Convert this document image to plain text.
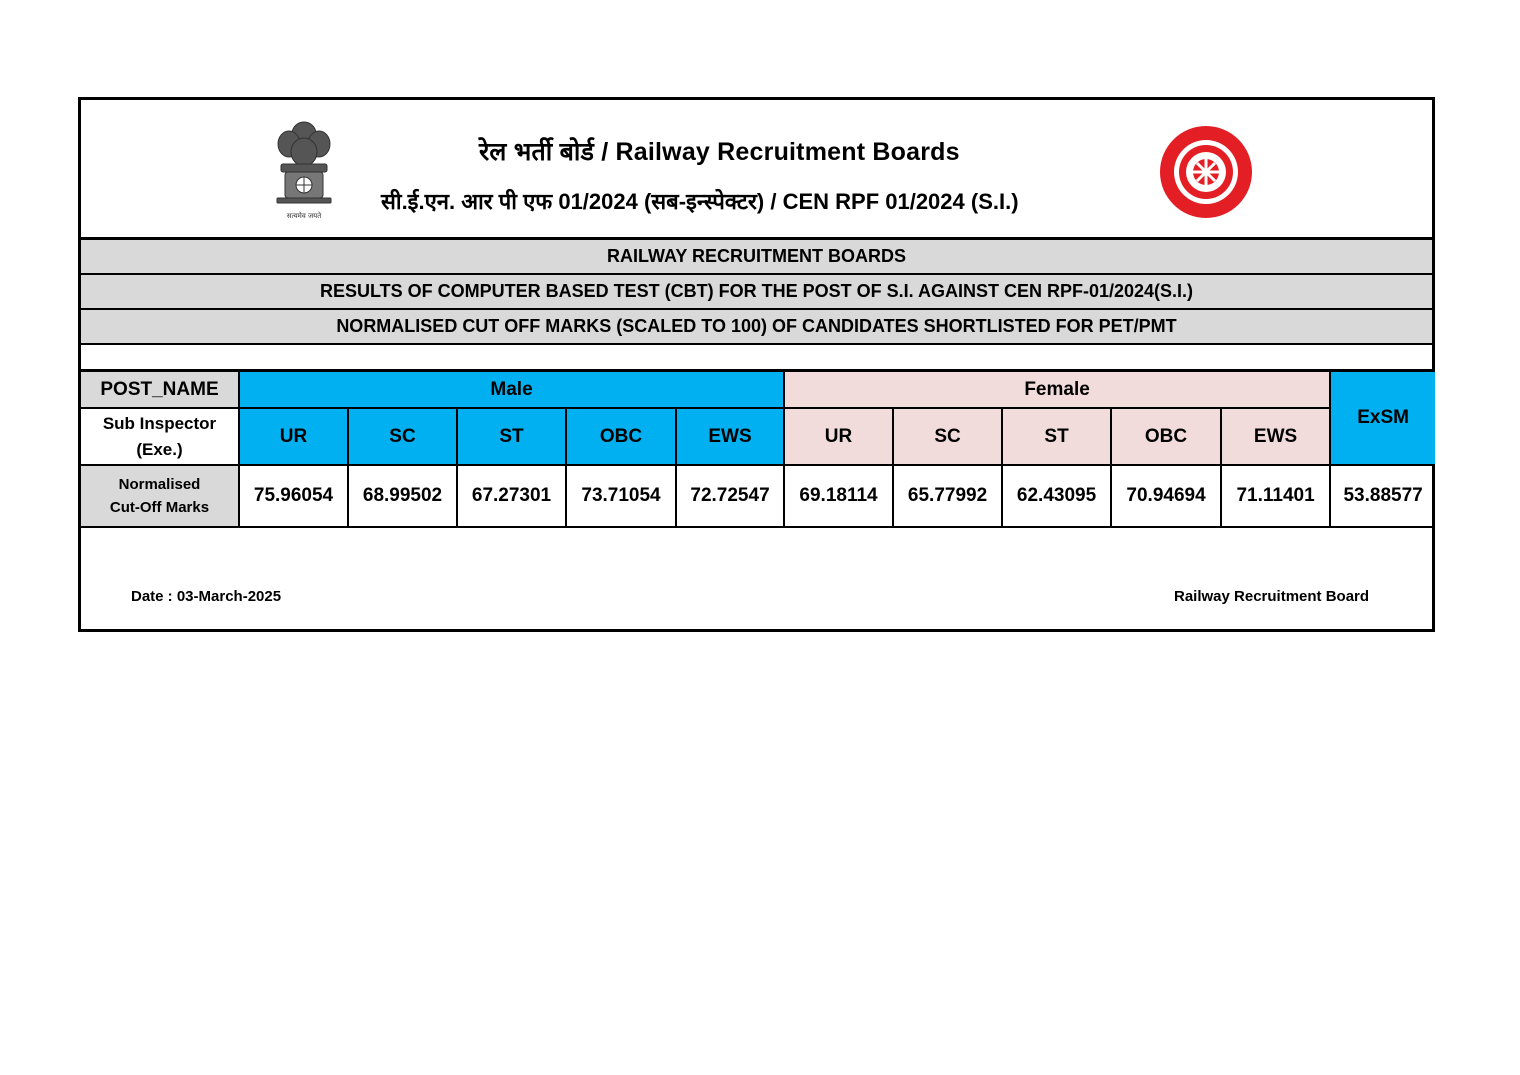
सत्यमेव जयते
रेल भर्ती बोर्ड / Railway Recruitment Boards
सी.ई.एन. आर पी एफ 01/2024 (सब-इन्स्पेक्टर) / CEN RPF 01/2024 (S.I.)
RAILWAY RECRUITMENT BOARDS
RESULTS OF COMPUTER BASED TEST (CBT) FOR THE POST OF S.I. AGAINST CEN RPF-01/2024(S.I.)
NORMALISED CUT OFF MARKS (SCALED TO 100) OF CANDIDATES SHORTLISTED FOR PET/PMT
POST_NAME	Male					Female					ExSM
Sub Inspector
(Exe.)	UR	SC	ST	OBC	EWS	UR	SC	ST	OBC	EWS	
Normalised
Cut-Off Marks	75.96054	68.99502	67.27301	73.71054	72.72547	69.18114	65.77992	62.43095	70.94694	71.11401	53.88577
Date : 03-March-2025	Railway Recruitment Board
